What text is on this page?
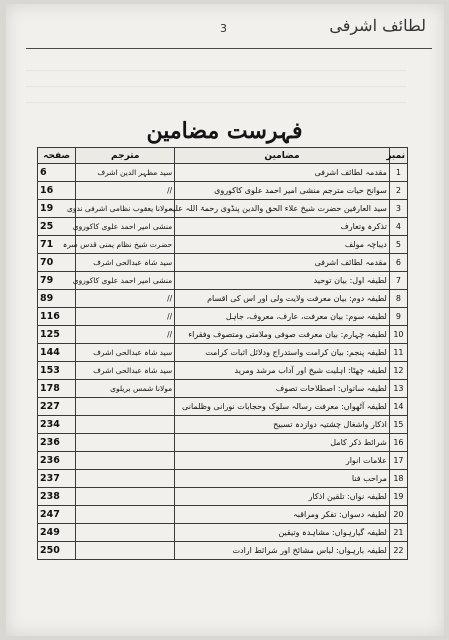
لطائف اشرفی
3
فہرست مضامین
نمبر	مضامین	مترجم	صفحہ
1	مقدمہ لطائف اشرفی	سید مظہر الدین اشرف	6
2	سوانح حیات مترجم منشی امیر احمد علوی کاکوروی	//	16
3	سید العارفین حضرت شیخ علاء الحق والدین پنڈوی رحمۃ اللہ علیہ	مولانا یعقوب نظامی اشرفی ندوی	19
4	تذکرہ وتعارف	منشی امیر احمد علوی کاکوروی	25
5	دیباچہ مولف	حضرت شیخ نظام یمنی قدس سرہ	71
6	مقدمہ لطائف اشرفی	سید شاہ عبدالحی اشرف	70
7	لطیفہ اول: بیان توحید	منشی امیر احمد علوی کاکوروی	79
8	لطیفہ دوم: بیان معرفت ولایت ولی اور اس کی اقسام	//	89
9	لطیفہ سوم: بیان معرفت، عارف، معروف، جاہل	//	116
10	لطیفہ چہارم: بیان معرفت صوفی وملامتی ومتصوف وفقراء	//	125
11	لطیفہ پنجم: بیان کرامت واستدراج ودلائل اثبات کرامت	سید شاہ عبدالحی اشرف	144
12	لطیفہ چھٹا: اہلیت شیخ اور آداب مرشد ومرید	سید شاہ عبدالحی اشرف	153
13	لطیفہ ساتواں: اصطلاحات تصوف	مولانا شمس بریلوی	178
14	لطیفہ آٹھواں: معرفت رسالہ سلوک وحجابات نورانی وظلمانی		227
15	اذکار واشغال چشتیہ دوازدہ تسبیح		234
16	شرائط ذکر کامل		236
17	علامات انوار		236
18	مراحب فنا		237
19	لطیفہ نواں: تلقین اذکار		238
20	لطیفہ دسواں: تفکر ومراقبہ		247
21	لطیفہ گیارہواں: مشاہدہ وتیقین		249
22	لطیفہ بارہواں: لباس مشائخ اور شرائط ارادت		250
